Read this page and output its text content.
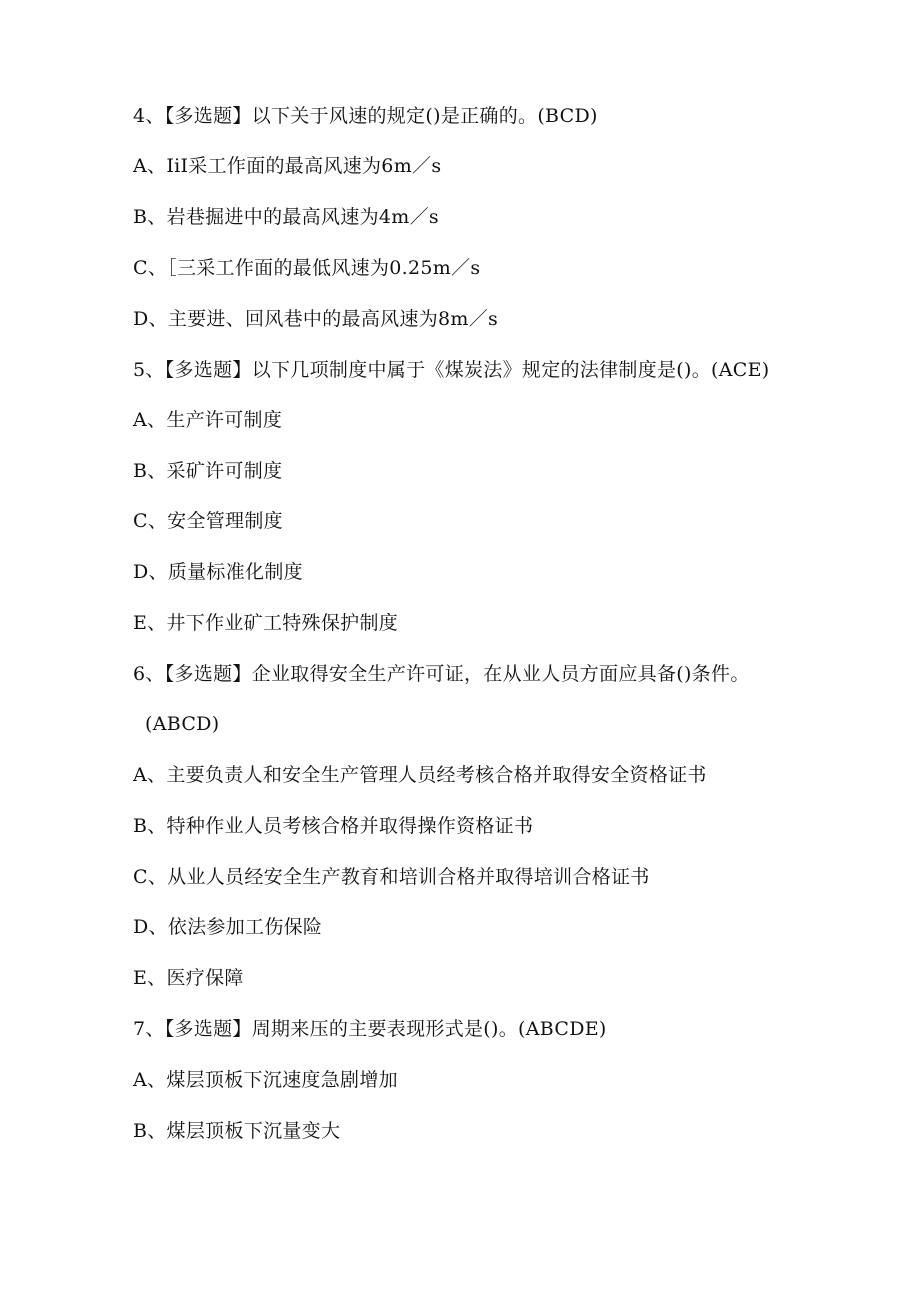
4、【多选题】以下关于风速的规定()是正确的。(BCD)
A、IiI采工作面的最高风速为6m／s
B、岩巷掘进中的最高风速为4m／s
C、［三采工作面的最低风速为0.25m／s
D、主要进、回风巷中的最高风速为8m／s
5、【多选题】以下几项制度中属于《煤炭法》规定的法律制度是()。(ACE)
A、生产许可制度
B、采矿许可制度
C、安全管理制度
D、质量标准化制度
E、井下作业矿工特殊保护制度
6、【多选题】企业取得安全生产许可证，在从业人员方面应具备()条件。
(ABCD)
A、主要负责人和安全生产管理人员经考核合格并取得安全资格证书
B、特种作业人员考核合格并取得操作资格证书
C、从业人员经安全生产教育和培训合格并取得培训合格证书
D、依法参加工伤保险
E、医疗保障
7、【多选题】周期来压的主要表现形式是()。(ABCDE)
A、煤层顶板下沉速度急剧增加
B、煤层顶板下沉量变大
